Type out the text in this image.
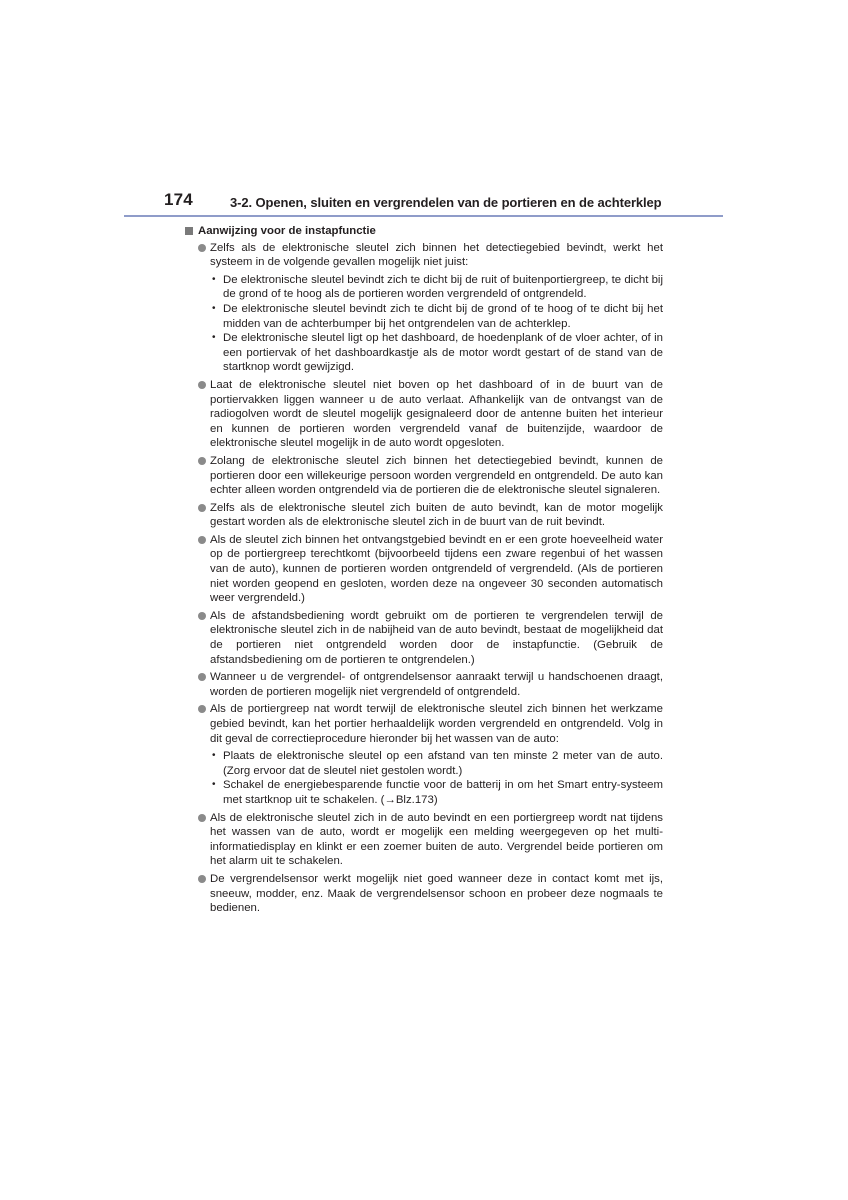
174	3-2. Openen, sluiten en vergrendelen van de portieren en de achterklep
Aanwijzing voor de instapfunctie
Zelfs als de elektronische sleutel zich binnen het detectiegebied bevindt, werkt het systeem in de volgende gevallen mogelijk niet juist:
• De elektronische sleutel bevindt zich te dicht bij de ruit of buitenportiergreep, te dicht bij de grond of te hoog als de portieren worden vergrendeld of ontgrendeld.
• De elektronische sleutel bevindt zich te dicht bij de grond of te hoog of te dicht bij het midden van de achterbumper bij het ontgrendelen van de achterklep.
• De elektronische sleutel ligt op het dashboard, de hoedenplank of de vloer achter, of in een portiervak of het dashboardkastje als de motor wordt gestart of de stand van de startknop wordt gewijzigd.
Laat de elektronische sleutel niet boven op het dashboard of in de buurt van de portiervakken liggen wanneer u de auto verlaat. Afhankelijk van de ontvangst van de radiogolven wordt de sleutel mogelijk gesignaleerd door de antenne buiten het interieur en kunnen de portieren worden vergrendeld vanaf de buitenzijde, waardoor de elektronische sleutel mogelijk in de auto wordt opgesloten.
Zolang de elektronische sleutel zich binnen het detectiegebied bevindt, kunnen de portieren door een willekeurige persoon worden vergrendeld en ontgrendeld. De auto kan echter alleen worden ontgrendeld via de portieren die de elektronische sleutel signaleren.
Zelfs als de elektronische sleutel zich buiten de auto bevindt, kan de motor mogelijk gestart worden als de elektronische sleutel zich in de buurt van de ruit bevindt.
Als de sleutel zich binnen het ontvangstgebied bevindt en er een grote hoeveelheid water op de portiergreep terechtkomt (bijvoorbeeld tijdens een zware regenbui of het wassen van de auto), kunnen de portieren worden ontgrendeld of vergrendeld. (Als de portieren niet worden geopend en gesloten, worden deze na ongeveer 30 seconden automatisch weer vergrendeld.)
Als de afstandsbediening wordt gebruikt om de portieren te vergrendelen terwijl de elektronische sleutel zich in de nabijheid van de auto bevindt, bestaat de mogelijkheid dat de portieren niet ontgrendeld worden door de instapfunctie. (Gebruik de afstandsbediening om de portieren te ontgrendelen.)
Wanneer u de vergrendel- of ontgrendelsensor aanraakt terwijl u handschoenen draagt, worden de portieren mogelijk niet vergrendeld of ontgrendeld.
Als de portiergreep nat wordt terwijl de elektronische sleutel zich binnen het werkzame gebied bevindt, kan het portier herhaaldelijk worden vergrendeld en ontgrendeld. Volg in dit geval de correctieprocedure hieronder bij het wassen van de auto:
• Plaats de elektronische sleutel op een afstand van ten minste 2 meter van de auto. (Zorg ervoor dat de sleutel niet gestolen wordt.)
• Schakel de energiebesparende functie voor de batterij in om het Smart entry-systeem met startknop uit te schakelen. (→Blz.173)
Als de elektronische sleutel zich in de auto bevindt en een portiergreep wordt nat tijdens het wassen van de auto, wordt er mogelijk een melding weergegeven op het multi-informatiedisplay en klinkt er een zoemer buiten de auto. Vergrendel beide portieren om het alarm uit te schakelen.
De vergrendelsensor werkt mogelijk niet goed wanneer deze in contact komt met ijs, sneeuw, modder, enz. Maak de vergrendelsensor schoon en probeer deze nogmaals te bedienen.
